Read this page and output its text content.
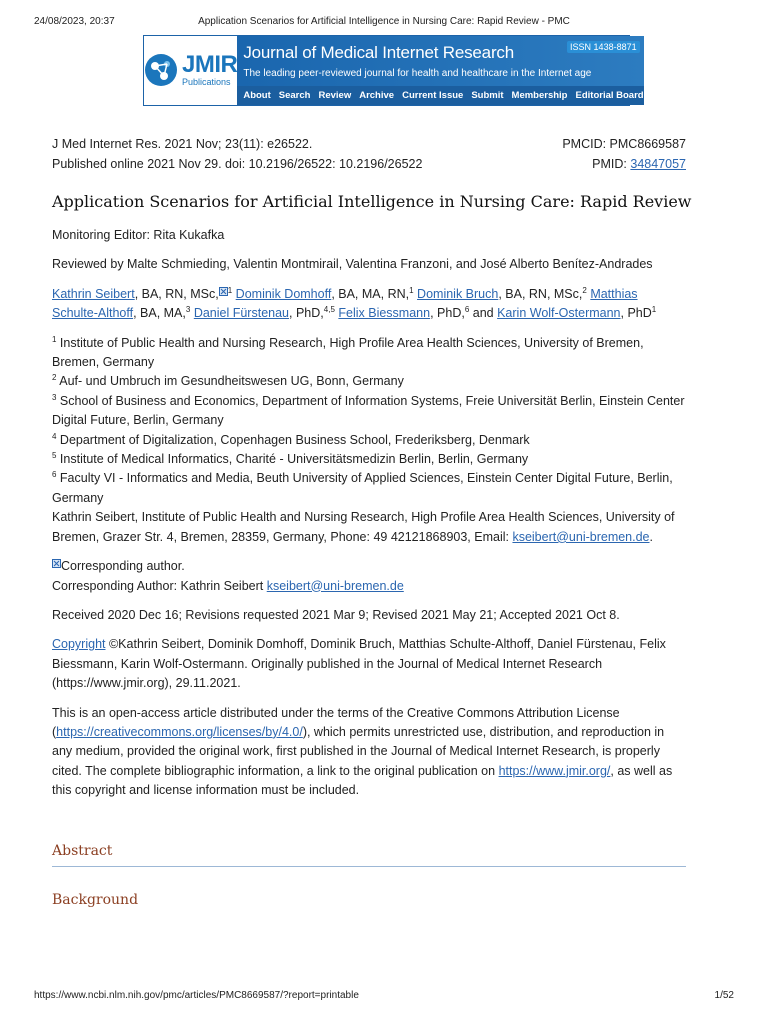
24/08/2023, 20:37	Application Scenarios for Artificial Intelligence in Nursing Care: Rapid Review - PMC
JMIR
Publications
Journal of Medical Internet Research	ISSN 1438-8871
The leading peer-reviewed journal for health and healthcare in the Internet age
About Search Review Archive Current Issue Submit Membership Editorial Board
J Med Internet Res. 2021 Nov; 23(11): e26522.	PMCID: PMC8669587
Published online 2021 Nov 29. doi: 10.2196/26522: 10.2196/26522	PMID: 34847057
Application Scenarios for Artificial Intelligence in Nursing Care: Rapid Review

Monitoring Editor: Rita Kukafka

Reviewed by Malte Schmieding, Valentin Montmirail, Valentina Franzoni, and José Alberto Benítez-Andrades

Kathrin Seibert, BA, RN, MSc, $^1$ Dominik Domhoff, BA, MA, RN,$^1$ Dominik Bruch, BA, RN, MSc,$^2$ Matthias Schulte-Althoff, BA, MA,$^3$ Daniel Fürstenau, PhD,$^{4,5}$ Felix Biessmann, PhD,$^6$ and Karin Wolf-Ostermann, PhD$^1$

$^1$ Institute of Public Health and Nursing Research, High Profile Area Health Sciences, University of Bremen, Bremen, Germany

$^2$ Auf- und Umbruch im Gesundheitswesen UG, Bonn, Germany

$^3$ School of Business and Economics, Department of Information Systems, Freie Universität Berlin, Einstein Center Digital Future, Berlin, Germany

$^4$ Department of Digitalization, Copenhagen Business School, Frederiksberg, Denmark

$^5$ Institute of Medical Informatics, Charité - Universitätsmedizin Berlin, Berlin, Germany

$^6$ Faculty VI - Informatics and Media, Beuth University of Applied Sciences, Einstein Center Digital Future, Berlin, Germany

Kathrin Seibert, Institute of Public Health and Nursing Research, High Profile Area Health Sciences, University of Bremen, Grazer Str. 4, Bremen, 28359, Germany, Phone: 49 42121868903, Email: kseibert@uni-bremen.de.

Corresponding author.

Corresponding Author: Kathrin Seibert kseibert@uni-bremen.de

Received 2020 Dec 16; Revisions requested 2021 Mar 9; Revised 2021 May 21; Accepted 2021 Oct 8.

Copyright ©Kathrin Seibert, Dominik Domhoff, Dominik Bruch, Matthias Schulte-Althoff, Daniel Fürstenau, Felix Biessmann, Karin Wolf-Ostermann. Originally published in the Journal of Medical Internet Research (https://www.jmir.org), 29.11.2021.

This is an open-access article distributed under the terms of the Creative Commons Attribution License (https://creativecommons.org/licenses/by/4.0/), which permits unrestricted use, distribution, and reproduction in any medium, provided the original work, first published in the Journal of Medical Internet Research, is properly cited. The complete bibliographic information, a link to the original publication on https://www.jmir.org/, as well as this copyright and license information must be included.

Abstract
Background
https://www.ncbi.nlm.nih.gov/pmc/articles/PMC8669587/?report=printable	1/52
